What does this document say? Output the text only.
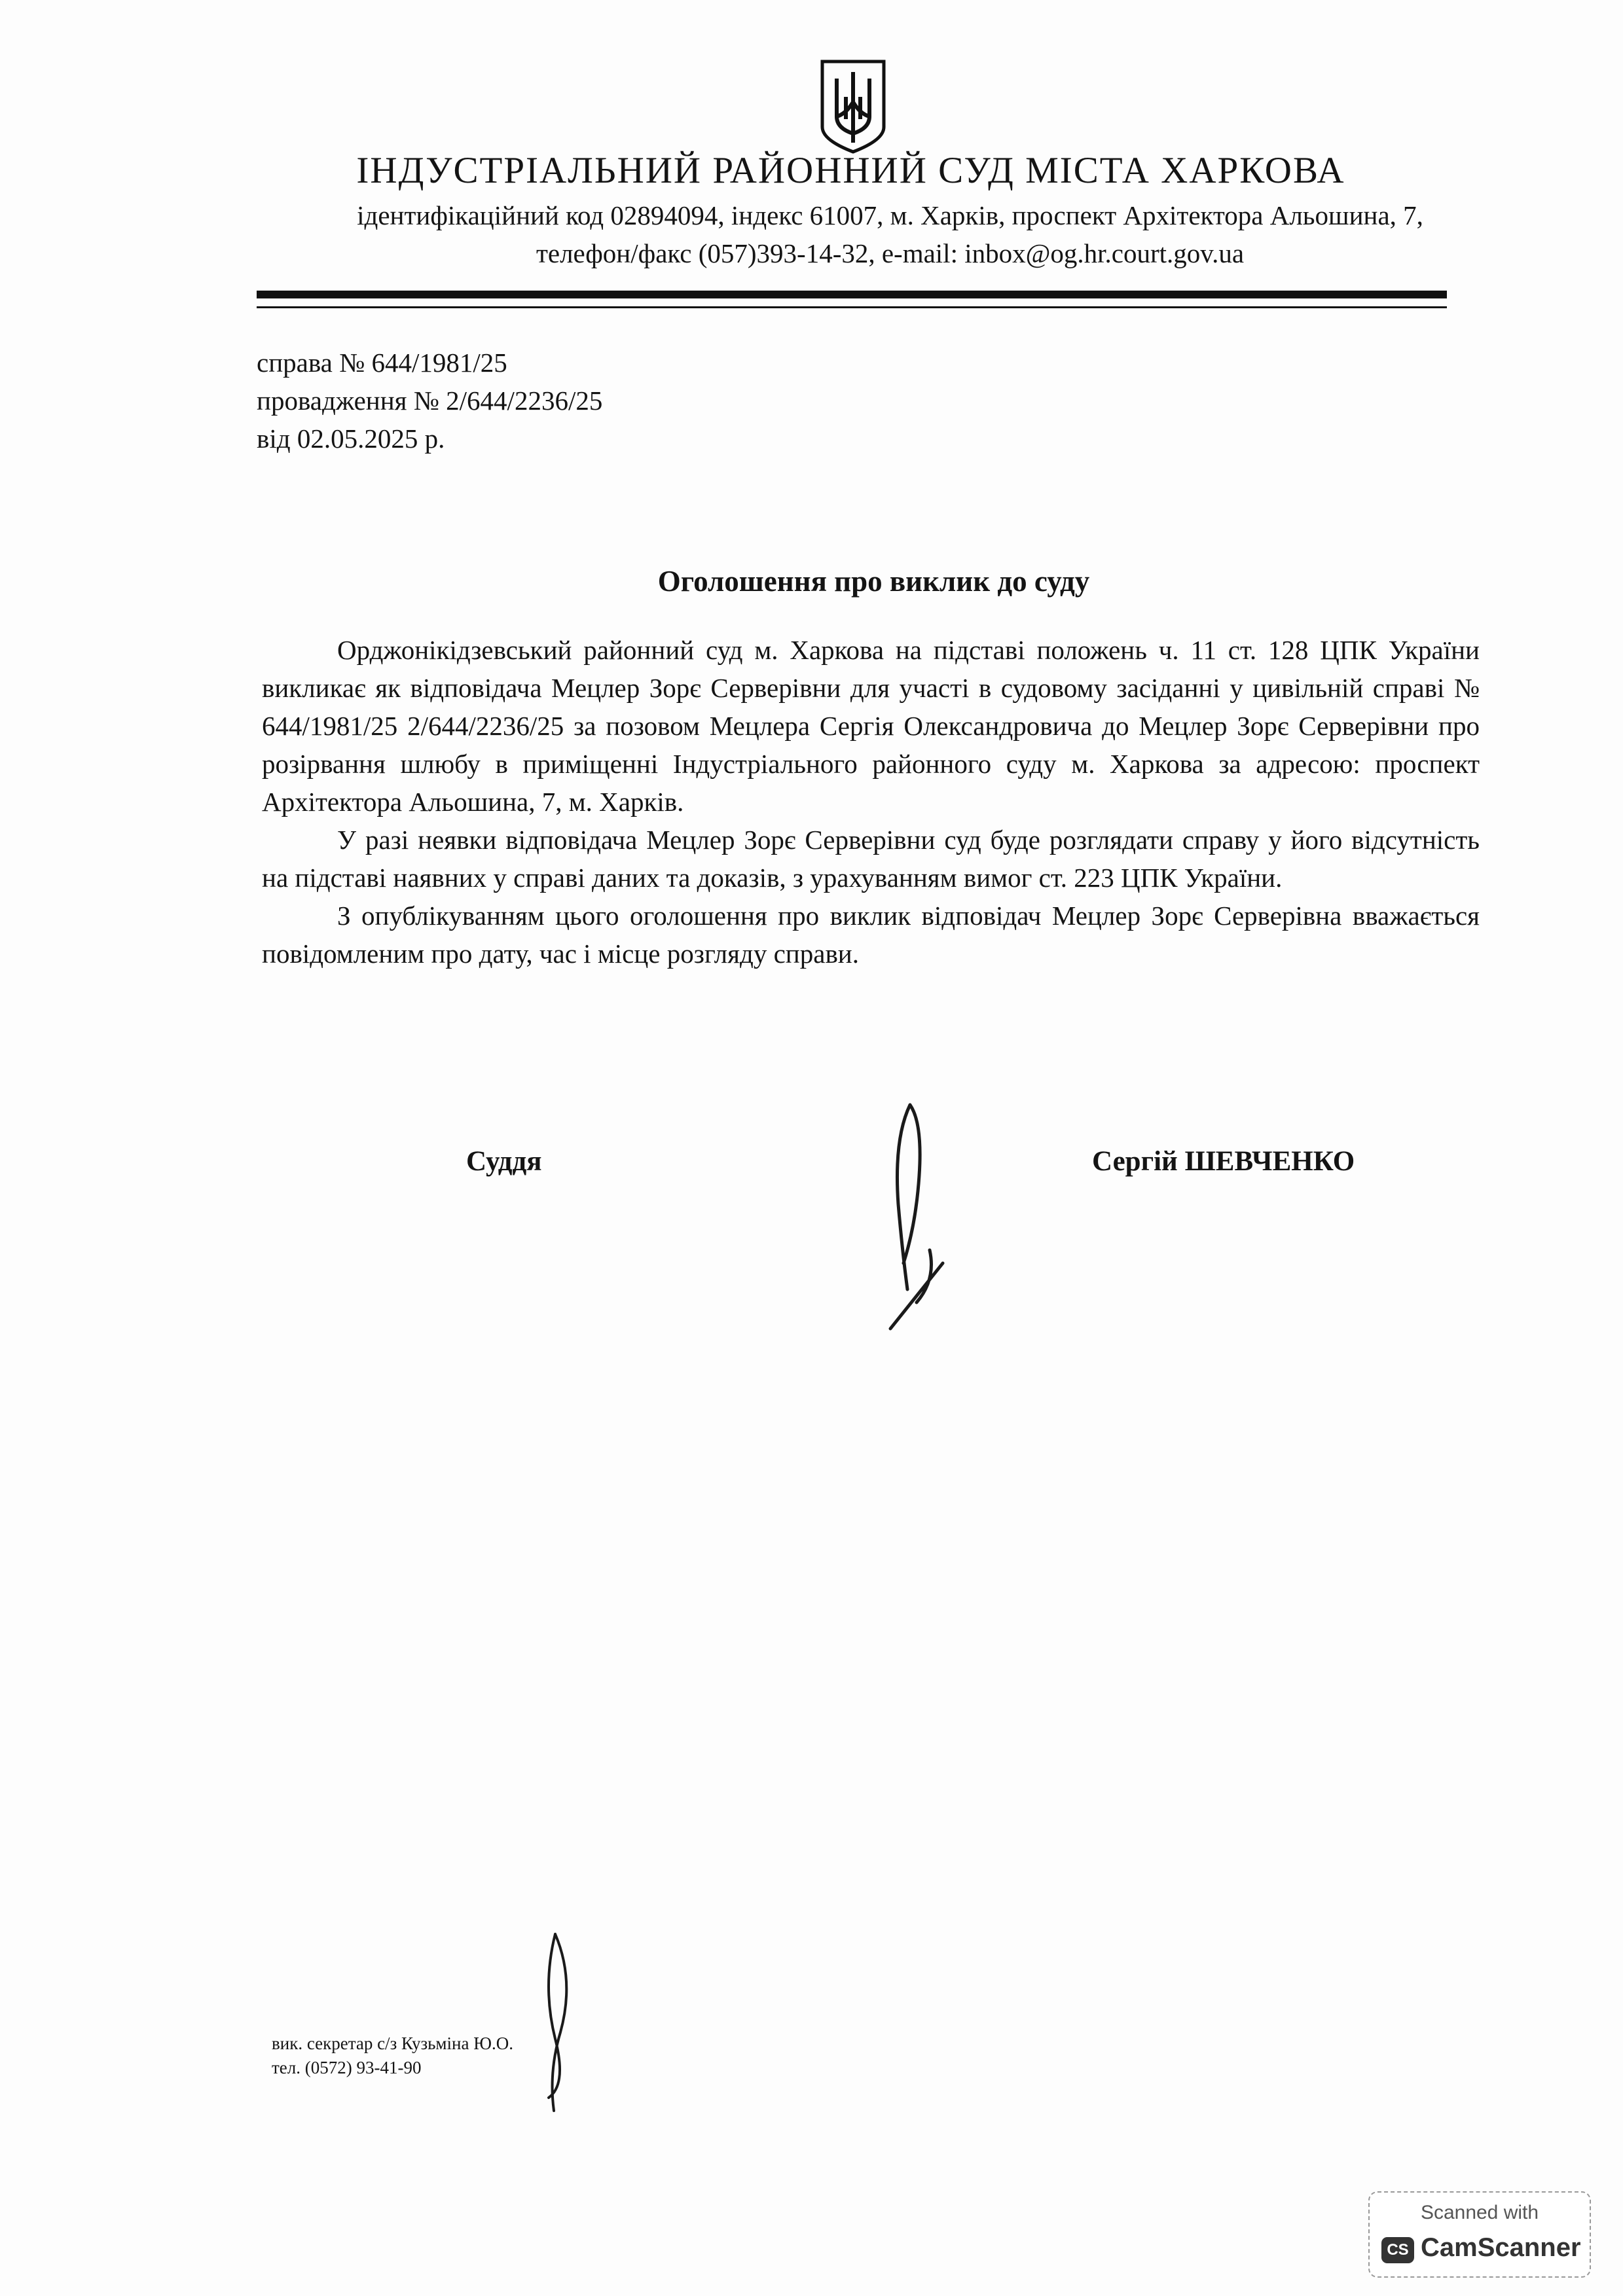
ІНДУСТРІАЛЬНИЙ РАЙОННИЙ СУД МІСТА ХАРКОВА
ідентифікаційний код 02894094, індекс 61007, м. Харків, проспект Архітектора Альошина, 7,
телефон/факс (057)393-14-32, e-mail: inbox@og.hr.court.gov.ua
справа № 644/1981/25
провадження № 2/644/2236/25
від 02.05.2025 р.
Оголошення про виклик до суду

Орджонікідзевський районний суд м. Харкова на підставі положень ч. 11 ст. 128 ЦПК України викликає як відповідача Мецлер Зорє Серверівни для участі в судовому засіданні у цивільній справі № 644/1981/25 2/644/2236/25 за позовом Мецлера Сергія Олександровича до Мецлер Зорє Серверівни про розірвання шлюбу в приміщенні Індустріального районного суду м. Харкова за адресою: проспект Архітектора Альошина, 7, м. Харків.

У разі неявки відповідача Мецлер Зорє Серверівни суд буде розглядати справу у його відсутність на підставі наявних у справі даних та доказів, з урахуванням вимог ст. 223 ЦПК України.

З опублікуванням цього оголошення про виклик відповідач Мецлер Зорє Серверівна вважається повідомленим про дату, час і місце розгляду справи.

Суддя	Сергій ШЕВЧЕНКО
вик. секретар с/з Кузьміна Ю.О.
тел. (0572) 93-41-90
Scanned with
CS CamScanner
